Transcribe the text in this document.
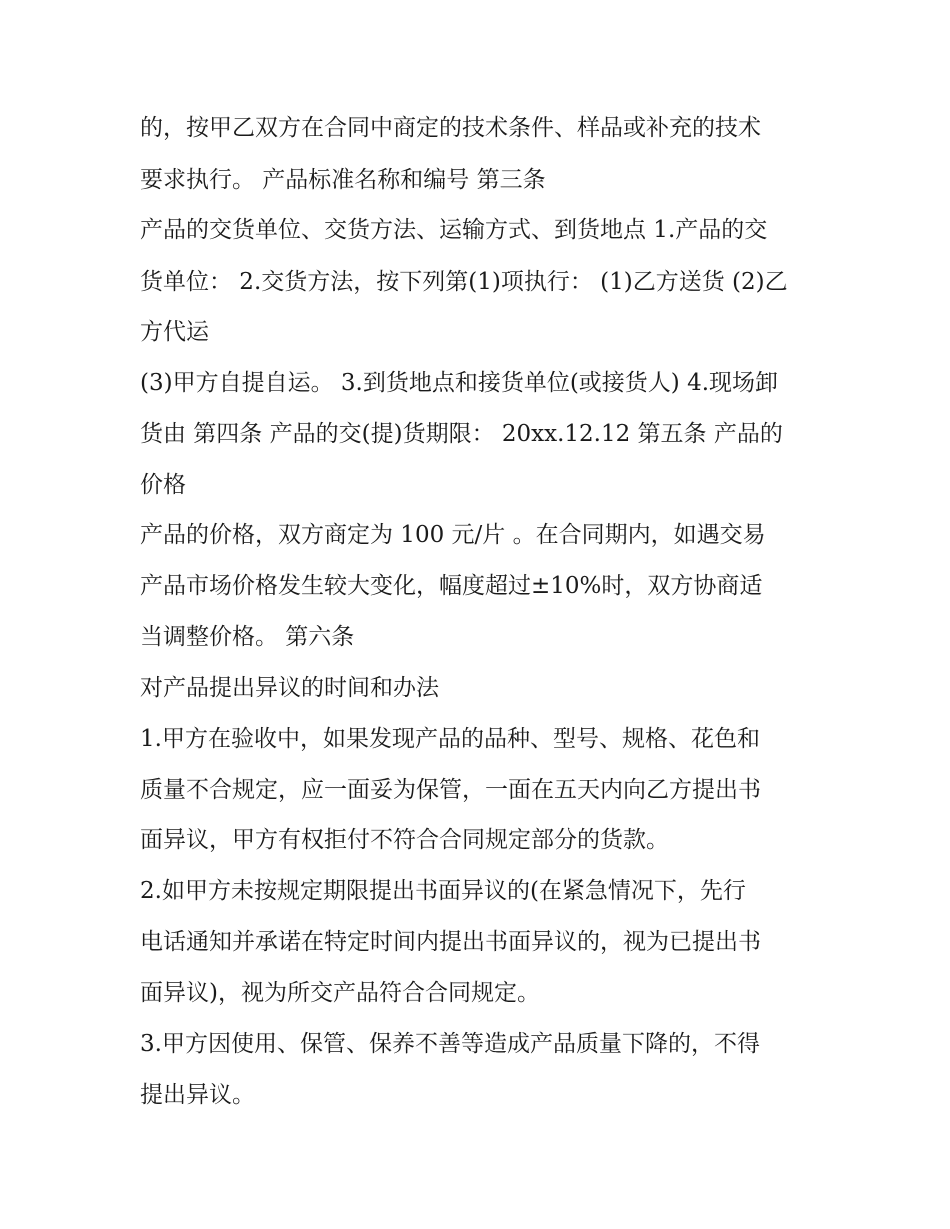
的，按甲乙双方在合同中商定的技术条件、样品或补充的技术
要求执行。 产品标准名称和编号 第三条
产品的交货单位、交货方法、运输方式、到货地点 1.产品的交
货单位： 2.交货方法，按下列第(1)项执行： (1)乙方送货 (2)乙
方代运
(3)甲方自提自运。 3.到货地点和接货单位(或接货人) 4.现场卸
货由 第四条 产品的交(提)货期限： 20xx.12.12 第五条 产品的
价格
产品的价格，双方商定为 100 元/片 。在合同期内，如遇交易
产品市场价格发生较大变化，幅度超过±10%时，双方协商适
当调整价格。 第六条
对产品提出异议的时间和办法
1.甲方在验收中，如果发现产品的品种、型号、规格、花色和
质量不合规定，应一面妥为保管，一面在五天内向乙方提出书
面异议，甲方有权拒付不符合合同规定部分的货款。
2.如甲方未按规定期限提出书面异议的(在紧急情况下，先行
电话通知并承诺在特定时间内提出书面异议的，视为已提出书
面异议)，视为所交产品符合合同规定。
3.甲方因使用、保管、保养不善等造成产品质量下降的，不得
提出异议。
